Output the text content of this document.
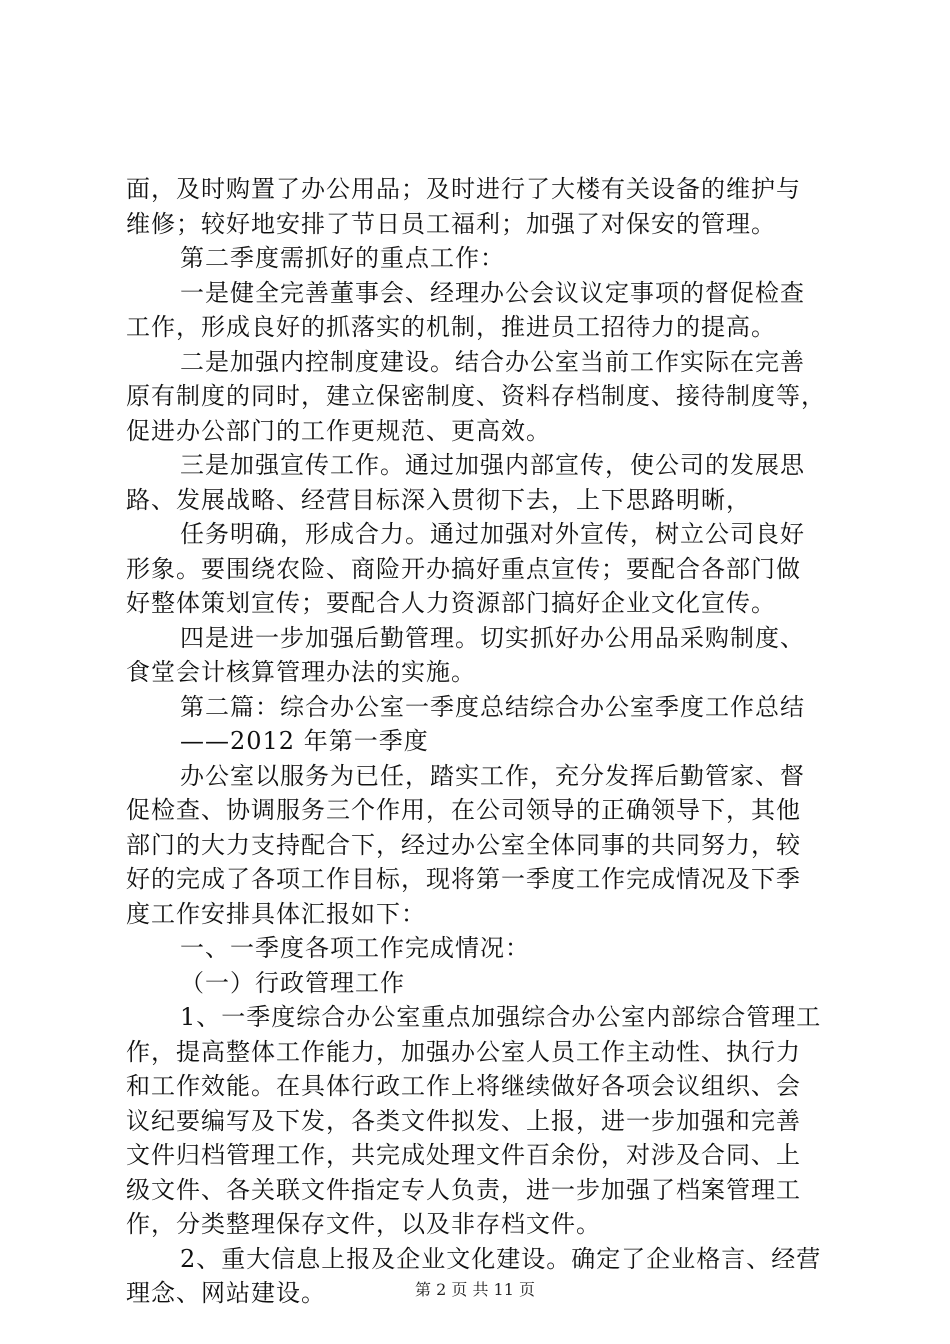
面，及时购置了办公用品；及时进行了大楼有关设备的维护与
维修；较好地安排了节日员工福利；加强了对保安的管理。
第二季度需抓好的重点工作：
一是健全完善董事会、经理办公会议议定事项的督促检查
工作，形成良好的抓落实的机制，推进员工招待力的提高。
二是加强内控制度建设。结合办公室当前工作实际在完善
原有制度的同时，建立保密制度、资料存档制度、接待制度等，
促进办公部门的工作更规范、更高效。
三是加强宣传工作。通过加强内部宣传，使公司的发展思
路、发展战略、经营目标深入贯彻下去，上下思路明晰，
任务明确，形成合力。通过加强对外宣传，树立公司良好
形象。要围绕农险、商险开办搞好重点宣传；要配合各部门做
好整体策划宣传；要配合人力资源部门搞好企业文化宣传。
四是进一步加强后勤管理。切实抓好办公用品采购制度、
食堂会计核算管理办法的实施。
第二篇：综合办公室一季度总结综合办公室季度工作总结
——2012 年第一季度
办公室以服务为已任，踏实工作，充分发挥后勤管家、督
促检查、协调服务三个作用，在公司领导的正确领导下，其他
部门的大力支持配合下，经过办公室全体同事的共同努力，较
好的完成了各项工作目标，现将第一季度工作完成情况及下季
度工作安排具体汇报如下：
一、一季度各项工作完成情况：
（一）行政管理工作
1、一季度综合办公室重点加强综合办公室内部综合管理工
作，提高整体工作能力，加强办公室人员工作主动性、执行力
和工作效能。在具体行政工作上将继续做好各项会议组织、会
议纪要编写及下发，各类文件拟发、上报，进一步加强和完善
文件归档管理工作，共完成处理文件百余份，对涉及合同、上
级文件、各关联文件指定专人负责，进一步加强了档案管理工
作，分类整理保存文件，以及非存档文件。
2、重大信息上报及企业文化建设。确定了企业格言、经营
理念、网站建设。	第 2 页 共 11 页
